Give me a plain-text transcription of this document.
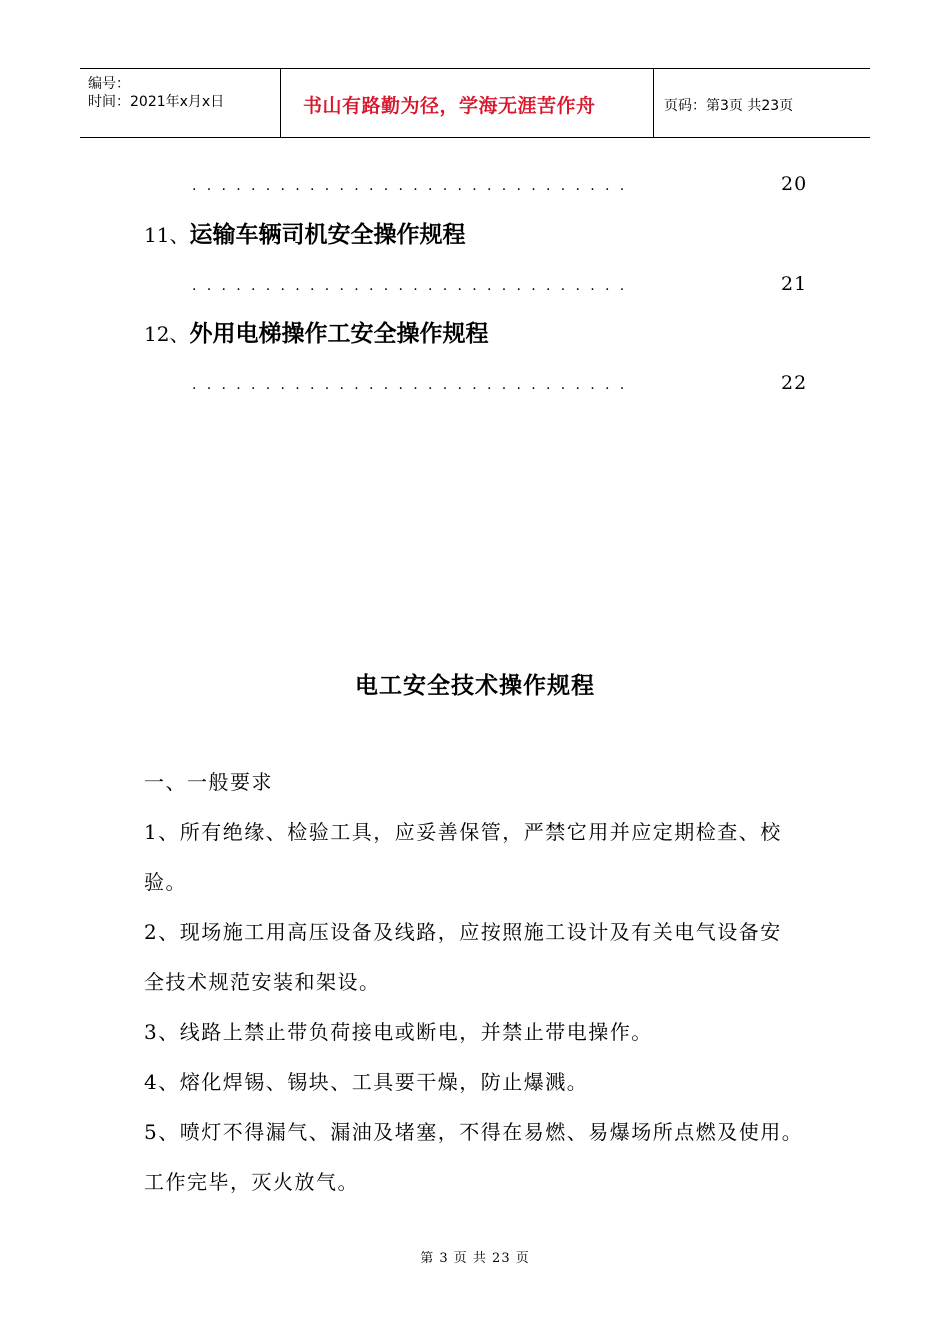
编号：
时间：2021年x月x日	书山有路勤为径，学海无涯苦作舟	页码：第3页 共23页
..............................	20
11、运输车辆司机安全操作规程
..............................	21
12、外用电梯操作工安全操作规程
..............................	22
电工安全技术操作规程
一、一般要求
1、所有绝缘、检验工具，应妥善保管，严禁它用并应定期检查、校
验。
2、现场施工用高压设备及线路，应按照施工设计及有关电气设备安
全技术规范安装和架设。
3、线路上禁止带负荷接电或断电，并禁止带电操作。
4、熔化焊锡、锡块、工具要干燥，防止爆溅。
5、喷灯不得漏气、漏油及堵塞，不得在易燃、易爆场所点燃及使用。
工作完毕，灭火放气。
第 3 页 共 23 页
